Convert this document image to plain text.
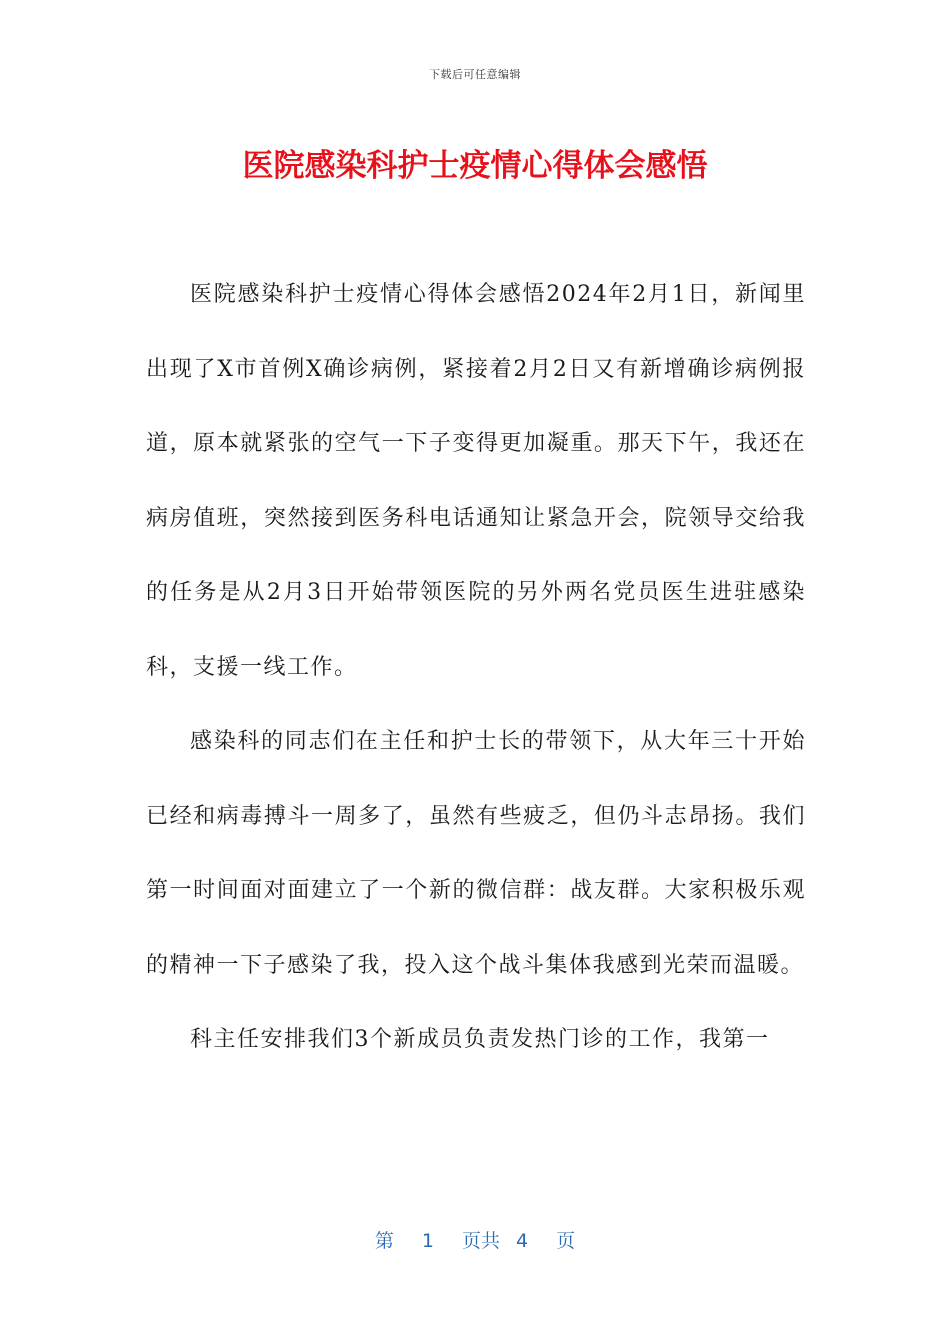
下载后可任意编辑
医院感染科护士疫情心得体会感悟

医院感染科护士疫情心得体会感悟2024年2月1日，新闻里出现了X市首例X确诊病例，紧接着2月2日又有新增确诊病例报道，原本就紧张的空气一下子变得更加凝重。那天下午，我还在病房值班，突然接到医务科电话通知让紧急开会，院领导交给我的任务是从2月3日开始带领医院的另外两名党员医生进驻感染科，支援一线工作。

感染科的同志们在主任和护士长的带领下，从大年三十开始已经和病毒搏斗一周多了，虽然有些疲乏，但仍斗志昂扬。我们第一时间面对面建立了一个新的微信群：战友群。大家积极乐观的精神一下子感染了我，投入这个战斗集体我感到光荣而温暖。

科主任安排我们3个新成员负责发热门诊的工作，我第一

第 1 页共 4 页
